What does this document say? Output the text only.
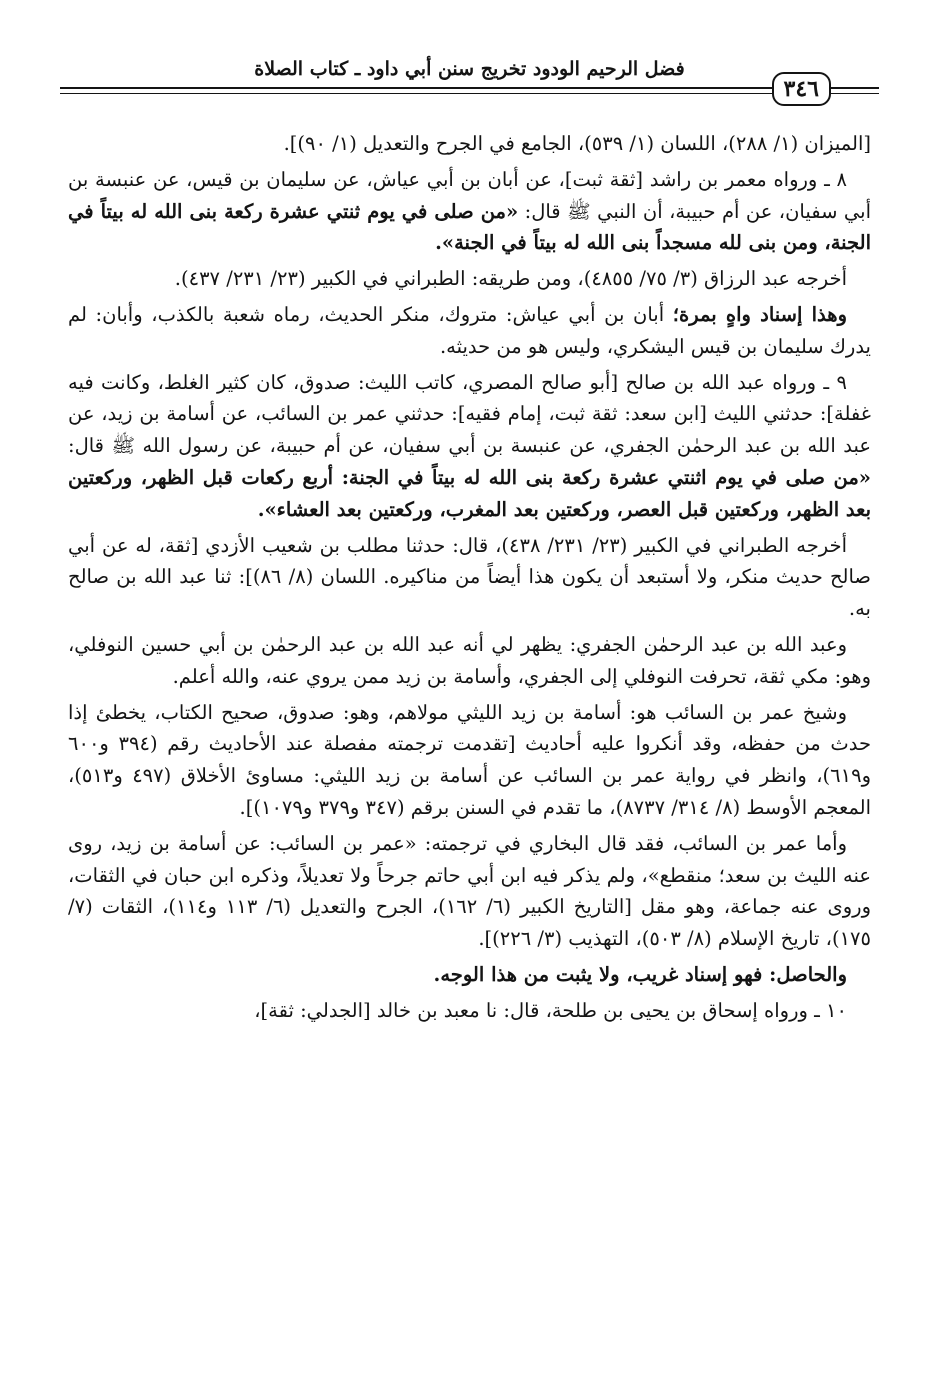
فضل الرحيم الودود تخريج سنن أبي داود ـ كتاب الصلاة
٣٤٦

[الميزان (١/ ٢٨٨)، اللسان (١/ ٥٣٩)، الجامع في الجرح والتعديل (١/ ٩٠)].

٨ ـ ورواه معمر بن راشد [ثقة ثبت]، عن أبان بن أبي عياش، عن سليمان بن قيس، عن عنبسة بن أبي سفيان، عن أم حبيبة، أن النبي ﷺ قال: «من صلى في يوم ثنتي عشرة ركعة بنى الله له بيتاً في الجنة، ومن بنى لله مسجداً بنى الله له بيتاً في الجنة».

أخرجه عبد الرزاق (٣/ ٧٥/ ٤٨٥٥)، ومن طريقه: الطبراني في الكبير (٢٣/ ٢٣١/ ٤٣٧).

وهذا إسناد واهٍ بمرة؛ أبان بن أبي عياش: متروك، منكر الحديث، رماه شعبة بالكذب، وأبان: لم يدرك سليمان بن قيس اليشكري، وليس هو من حديثه.

٩ ـ ورواه عبد الله بن صالح [أبو صالح المصري، كاتب الليث: صدوق، كان كثير الغلط، وكانت فيه غفلة]: حدثني الليث [ابن سعد: ثقة ثبت، إمام فقيه]: حدثني عمر بن السائب، عن أسامة بن زيد، عن عبد الله بن عبد الرحمٰن الجفري، عن عنبسة بن أبي سفيان، عن أم حبيبة، عن رسول الله ﷺ قال: «من صلى في يوم اثنتي عشرة ركعة بنى الله له بيتاً في الجنة: أربع ركعات قبل الظهر، وركعتين بعد الظهر، وركعتين قبل العصر، وركعتين بعد المغرب، وركعتين بعد العشاء».

أخرجه الطبراني في الكبير (٢٣/ ٢٣١/ ٤٣٨)، قال: حدثنا مطلب بن شعيب الأزدي [ثقة، له عن أبي صالح حديث منكر، ولا أستبعد أن يكون هذا أيضاً من مناكيره. اللسان (٨/ ٨٦)]: ثنا عبد الله بن صالح به.

وعبد الله بن عبد الرحمٰن الجفري: يظهر لي أنه عبد الله بن عبد الرحمٰن بن أبي حسين النوفلي، وهو: مكي ثقة، تحرفت النوفلي إلى الجفري، وأسامة بن زيد ممن يروي عنه، والله أعلم.

وشيخ عمر بن السائب هو: أسامة بن زيد الليثي مولاهم، وهو: صدوق، صحيح الكتاب، يخطئ إذا حدث من حفظه، وقد أنكروا عليه أحاديث [تقدمت ترجمته مفصلة عند الأحاديث رقم (٣٩٤ و٦٠٠ و٦١٩)، وانظر في رواية عمر بن السائب عن أسامة بن زيد الليثي: مساوئ الأخلاق (٤٩٧ و٥١٣)، المعجم الأوسط (٨/ ٣١٤/ ٨٧٣٧)، ما تقدم في السنن برقم (٣٤٧ و٣٧٩ و١٠٧٩)].

وأما عمر بن السائب، فقد قال البخاري في ترجمته: «عمر بن السائب: عن أسامة بن زيد، روى عنه الليث بن سعد؛ منقطع»، ولم يذكر فيه ابن أبي حاتم جرحاً ولا تعديلاً، وذكره ابن حبان في الثقات، وروى عنه جماعة، وهو مقل [التاريخ الكبير (٦/ ١٦٢)، الجرح والتعديل (٦/ ١١٣ و١١٤)، الثقات (٧/ ١٧٥)، تاريخ الإسلام (٨/ ٥٠٣)، التهذيب (٣/ ٢٢٦)].

والحاصل: فهو إسناد غريب، ولا يثبت من هذا الوجه.

١٠ ـ ورواه إسحاق بن يحيى بن طلحة، قال: نا معبد بن خالد [الجدلي: ثقة]،
